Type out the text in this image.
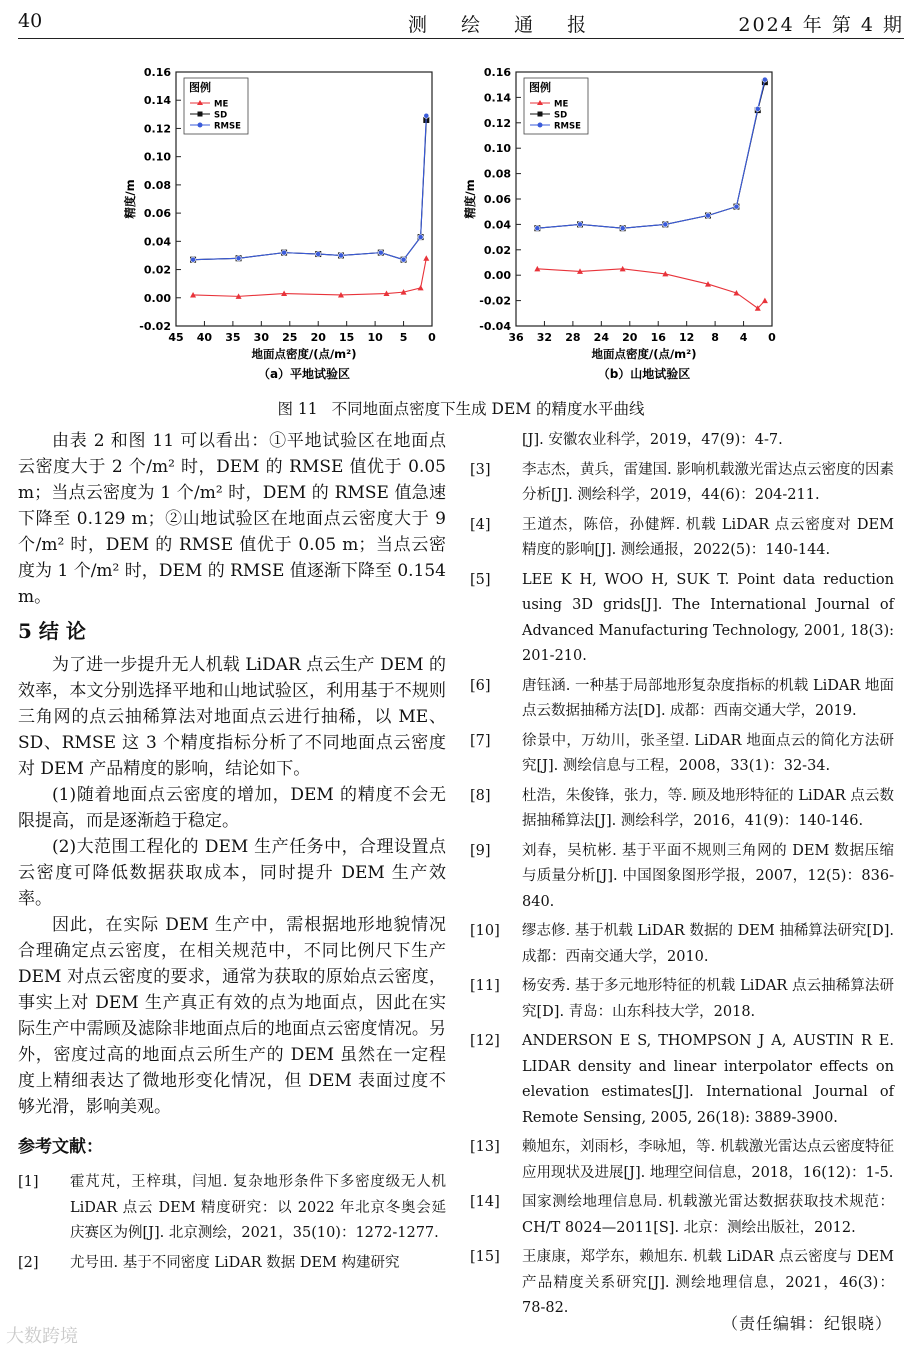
40	测 绘 通 报	2024 年 第 4 期
-0.02
0.00
0.02
0.04
0.06
0.08
0.10
0.12
0.14
0.16
45 40 35 30 25 20 15 10 5 0
地面点密度/(点/m²)
精度/m
（a）平地试验区
图例
ME
SD
RMSE
-0.04
-0.02
0.00
0.02
0.04
0.06
0.08
0.10
0.12
0.14
0.16
36 32 28 24 20 16 12 8 4 0
地面点密度/(点/m²)
精度/m
（b）山地试验区
图例
ME
SD
RMSE
图 11 不同地面点密度下生成 DEM 的精度水平曲线

由表 2 和图 11 可以看出：①平地试验区在地面点云密度大于 2 个/m² 时，DEM 的 RMSE 值优于 0.05 m；当点云密度为 1 个/m² 时，DEM 的 RMSE 值急速下降至 0.129 m；②山地试验区在地面点云密度大于 9 个/m² 时，DEM 的 RMSE 值优于 0.05 m；当点云密度为 1 个/m² 时，DEM 的 RMSE 值逐渐下降至 0.154 m。

5 结 论

为了进一步提升无人机载 LiDAR 点云生产 DEM 的效率，本文分别选择平地和山地试验区，利用基于不规则三角网的点云抽稀算法对地面点云进行抽稀，以 ME、SD、RMSE 这 3 个精度指标分析了不同地面点云密度对 DEM 产品精度的影响，结论如下。

(1)随着地面点云密度的增加，DEM 的精度不会无限提高，而是逐渐趋于稳定。

(2)大范围工程化的 DEM 生产任务中，合理设置点云密度可降低数据获取成本，同时提升 DEM 生产效率。

因此，在实际 DEM 生产中，需根据地形地貌情况合理确定点云密度，在相关规范中，不同比例尺下生产 DEM 对点云密度的要求，通常为获取的原始点云密度，事实上对 DEM 生产真正有效的点为地面点，因此在实际生产中需顾及滤除非地面点后的地面点云密度情况。另外，密度过高的地面点云所生产的 DEM 虽然在一定程度上精细表达了微地形变化情况，但 DEM 表面过度不够光滑，影响美观。

参考文献：
[1]	霍芃芃，王梓琪，闫旭. 复杂地形条件下多密度级无人机 LiDAR 点云 DEM 精度研究：以 2022 年北京冬奥会延庆赛区为例[J]. 北京测绘，2021，35(10)：1272-1277.
[2]	尤号田. 基于不同密度 LiDAR 数据 DEM 构建研究
[J]. 安徽农业科学，2019，47(9)：4-7.
[3]	李志杰，黄兵，雷建国. 影响机载激光雷达点云密度的因素分析[J]. 测绘科学，2019，44(6)：204-211.
[4]	王道杰，陈倍，孙健辉. 机载 LiDAR 点云密度对 DEM 精度的影响[J]. 测绘通报，2022(5)：140-144.
[5]	LEE K H, WOO H, SUK T. Point data reduction using 3D grids[J]. The International Journal of Advanced Manufacturing Technology, 2001, 18(3): 201-210.
[6]	唐钰涵. 一种基于局部地形复杂度指标的机载 LiDAR 地面点云数据抽稀方法[D]. 成都：西南交通大学，2019.
[7]	徐景中，万幼川，张圣望. LiDAR 地面点云的简化方法研究[J]. 测绘信息与工程，2008，33(1)：32-34.
[8]	杜浩，朱俊锋，张力，等. 顾及地形特征的 LiDAR 点云数据抽稀算法[J]. 测绘科学，2016，41(9)：140-146.
[9]	刘春，吴杭彬. 基于平面不规则三角网的 DEM 数据压缩与质量分析[J]. 中国图象图形学报，2007，12(5)：836-840.
[10]	缪志修. 基于机载 LiDAR 数据的 DEM 抽稀算法研究[D]. 成都：西南交通大学，2010.
[11]	杨安秀. 基于多元地形特征的机载 LiDAR 点云抽稀算法研究[D]. 青岛：山东科技大学，2018.
[12]	ANDERSON E S, THOMPSON J A, AUSTIN R E. LIDAR density and linear interpolator effects on elevation estimates[J]. International Journal of Remote Sensing, 2005, 26(18): 3889-3900.
[13]	赖旭东，刘雨杉，李咏旭，等. 机载激光雷达点云密度特征应用现状及进展[J]. 地理空间信息，2018，16(12)：1-5.
[14]	国家测绘地理信息局. 机载激光雷达数据获取技术规范：CH/T 8024—2011[S]. 北京：测绘出版社，2012.
[15]	王康康，郑学东，赖旭东. 机载 LiDAR 点云密度与 DEM 产品精度关系研究[J]. 测绘地理信息，2021，46(3)：78-82.
（责任编辑：纪银晓）
大数跨境
